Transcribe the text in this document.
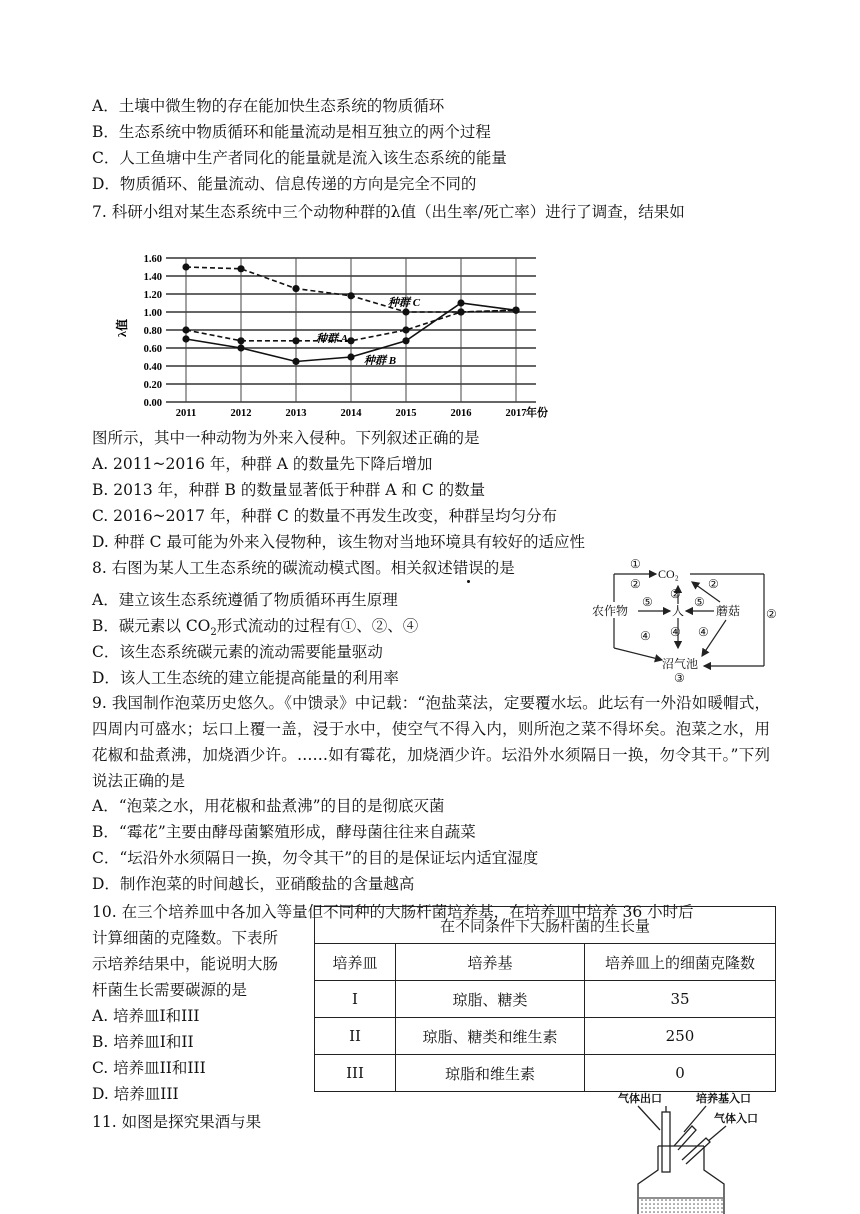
A．土壤中微生物的存在能加快生态系统的物质循环
B．生态系统中物质循环和能量流动是相互独立的两个过程
C．人工鱼塘中生产者同化的能量就是流入该生态系统的能量
D．物质循环、能量流动、信息传递的方向是完全不同的
7. 科研小组对某生态系统中三个动物种群的λ值（出生率/死亡率）进行了调查，结果如
0.00
0.20
0.40
0.60
0.80
1.00
1.20
1.40
1.60
2011	2012	2013	2014	2015	2016	2017
λ值
年份
种群 C
种群 A
种群 B
图所示，其中一种动物为外来入侵种。下列叙述正确的是
A. 2011~2016 年，种群 A 的数量先下降后增加
B. 2013 年，种群 B 的数量显著低于种群 A 和 C 的数量
C. 2016~2017 年，种群 C 的数量不再发生改变，种群呈均匀分布
D. 种群 C 最可能为外来入侵物种，该生物对当地环境具有较好的适应性
8. 右图为某人工生态系统的碳流动模式图。相关叙述错误的是
A．建立该生态系统遵循了物质循环再生原理
B．碳元素以 $CO_2$形式流动的过程有①、②、④
C．该生态系统碳元素的流动需要能量驱动
D．该人工生态统的建立能提高能量的利用率
CO₂
农作物	人	蘑菇
沼气池
①
②	②
②
②
⑤	⑤
④ ④ ④
③
9. 我国制作泡菜历史悠久。《中馈录》中记载：“泡盐菜法，定要覆水坛。此坛有一外沿如暖帽式，四周内可盛水；坛口上覆一盖，浸于水中，使空气不得入内，则所泡之菜不得坏矣。泡菜之水，用花椒和盐煮沸，加烧酒少许。……如有霉花，加烧酒少许。坛沿外水须隔日一换，勿令其干。”下列说法正确的是
A．“泡菜之水，用花椒和盐煮沸”的目的是彻底灭菌
B．“霉花”主要由酵母菌繁殖形成，酵母菌往往来自蔬菜
C．“坛沿外水须隔日一换，勿令其干”的目的是保证坛内适宜湿度
D．制作泡菜的时间越长，亚硝酸盐的含量越高
10. 在三个培养皿中各加入等量但不同种的大肠杆菌培养基，在培养皿中培养 36 小时后
计算细菌的克隆数。下表所
示培养结果中，能说明大肠
杆菌生长需要碳源的是
A. 培养皿I和III
B. 培养皿I和II
C. 培养皿II和III
D. 培养皿III
在不同条件下大肠杆菌的生长量		
培养皿	培养基	培养皿上的细菌克隆数
I	琼脂、糖类	35
II	琼脂、糖类和维生素	250
III	琼脂和维生素	0
11. 如图是探究果酒与果
气体出口	培养基入口
气体入口
